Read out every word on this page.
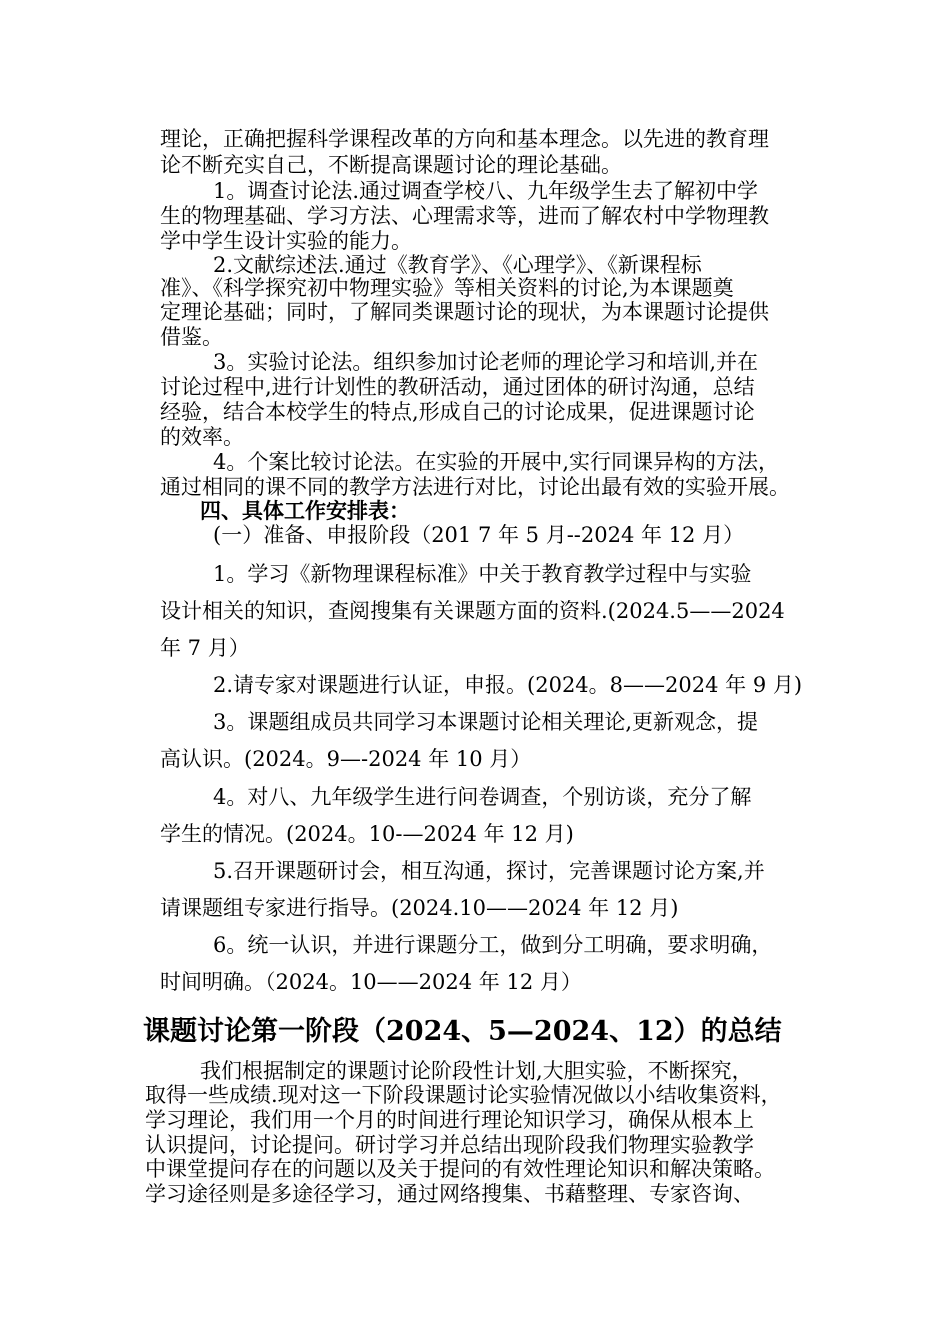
理论，正确把握科学课程改革的方向和基本理念。以先进的教育理
论不断充实自己，不断提高课题讨论的理论基础。
1。调查讨论法.通过调查学校八、九年级学生去了解初中学
生的物理基础、学习方法、心理需求等，进而了解农村中学物理教
学中学生设计实验的能力。
2.文献综述法.通过《教育学》、《心理学》、《新课程标
准》、《科学探究初中物理实验》等相关资料的讨论,为本课题奠
定理论基础；同时，了解同类课题讨论的现状，为本课题讨论提供
借鉴。
3。实验讨论法。组织参加讨论老师的理论学习和培训,并在
讨论过程中,进行计划性的教研活动，通过团体的研讨沟通，总结
经验，结合本校学生的特点,形成自己的讨论成果，促进课题讨论
的效率。
4。个案比较讨论法。在实验的开展中,实行同课异构的方法，
通过相同的课不同的教学方法进行对比，讨论出最有效的实验开展。
四、具体工作安排表：
(一）准备、申报阶段（201 7 年 5 月--2024 年 12 月）
1。学习《新物理课程标准》中关于教育教学过程中与实验
设计相关的知识，查阅搜集有关课题方面的资料.(2024.5——2024
年 7 月）
2.请专家对课题进行认证，申报。(2024。8——2024 年 9 月)
3。课题组成员共同学习本课题讨论相关理论,更新观念，提
高认识。(2024。9—-2024 年 10 月）
4。对八、九年级学生进行问卷调查，个别访谈，充分了解
学生的情况。(2024。10-—2024 年 12 月)
5.召开课题研讨会，相互沟通，探讨，完善课题讨论方案,并
请课题组专家进行指导。(2024.10——2024 年 12 月)
6。统一认识，并进行课题分工，做到分工明确，要求明确，
时间明确。（2024。10——2024 年 12 月）
课题讨论第一阶段（2024、5—2024、12）的总结
我们根据制定的课题讨论阶段性计划,大胆实验，不断探究，
取得一些成绩.现对这一下阶段课题讨论实验情况做以小结收集资料，
学习理论，我们用一个月的时间进行理论知识学习，确保从根本上
认识提问，讨论提问。研讨学习并总结出现阶段我们物理实验教学
中课堂提问存在的问题以及关于提问的有效性理论知识和解决策略。
学习途径则是多途径学习，通过网络搜集、书藉整理、专家咨询、
